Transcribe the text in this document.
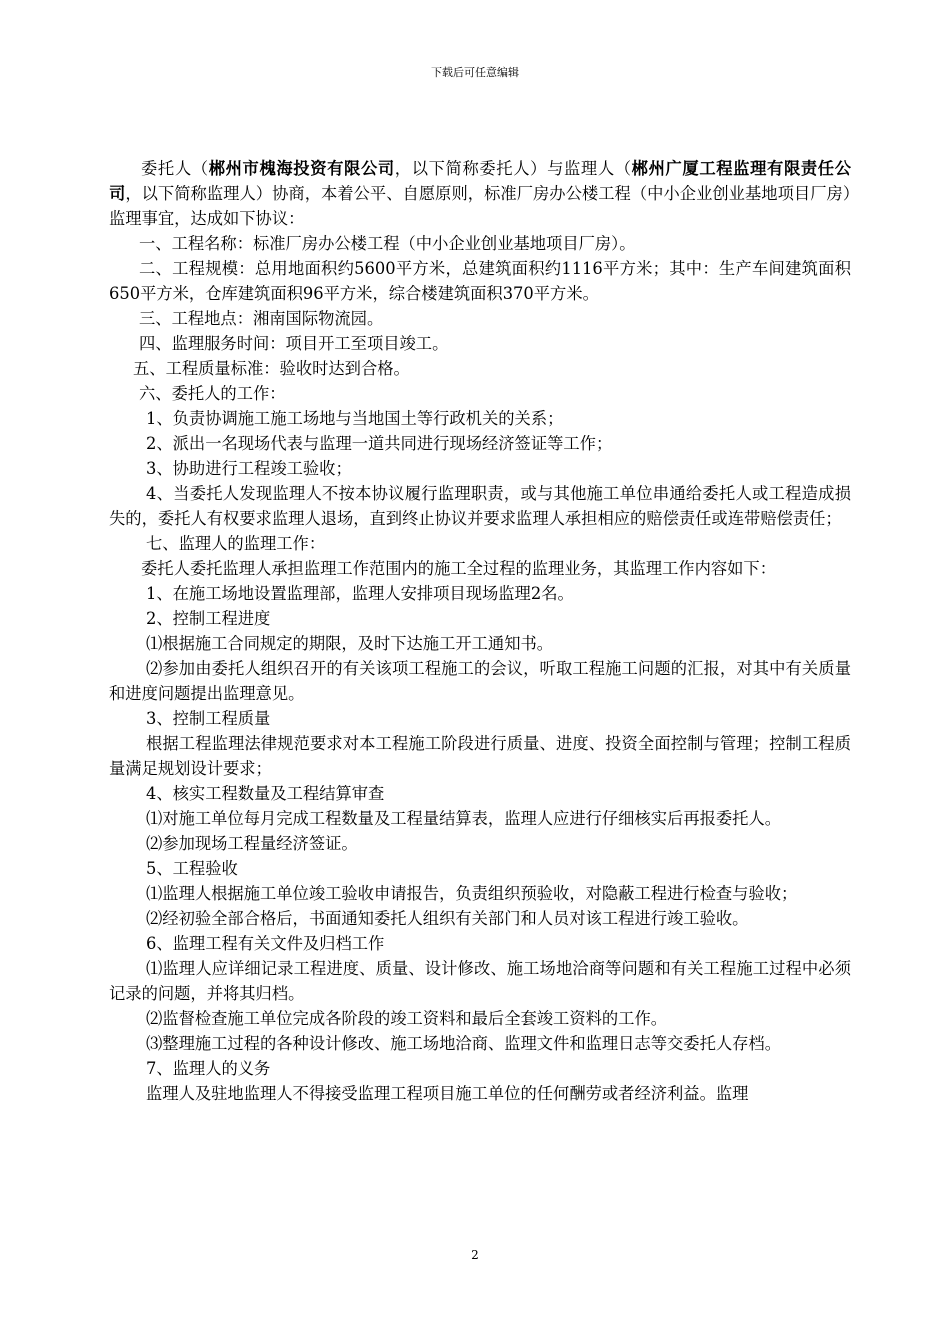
下载后可任意编辑

委托人（郴州市槐海投资有限公司，以下简称委托人）与监理人（郴州广厦工程监理有限责任公司，以下简称监理人）协商，本着公平、自愿原则，标准厂房办公楼工程（中小企业创业基地项目厂房）监理事宜，达成如下协议：

一、工程名称：标准厂房办公楼工程（中小企业创业基地项目厂房）。

二、工程规模：总用地面积约5600平方米，总建筑面积约1116平方米；其中：生产车间建筑面积650平方米，仓库建筑面积96平方米，综合楼建筑面积370平方米。

三、工程地点：湘南国际物流园。

四、监理服务时间：项目开工至项目竣工。

五、工程质量标准：验收时达到合格。

六、委托人的工作：

1、负责协调施工施工场地与当地国土等行政机关的关系；

2、派出一名现场代表与监理一道共同进行现场经济签证等工作；

3、协助进行工程竣工验收；

4、当委托人发现监理人不按本协议履行监理职责，或与其他施工单位串通给委托人或工程造成损失的，委托人有权要求监理人退场，直到终止协议并要求监理人承担相应的赔偿责任或连带赔偿责任；

七、监理人的监理工作：

委托人委托监理人承担监理工作范围内的施工全过程的监理业务，其监理工作内容如下：

1、在施工场地设置监理部，监理人安排项目现场监理2名。

2、控制工程进度

⑴根据施工合同规定的期限，及时下达施工开工通知书。

⑵参加由委托人组织召开的有关该项工程施工的会议，听取工程施工问题的汇报，对其中有关质量和进度问题提出监理意见。

3、控制工程质量

根据工程监理法律规范要求对本工程施工阶段进行质量、进度、投资全面控制与管理；控制工程质量满足规划设计要求；

4、核实工程数量及工程结算审查

⑴对施工单位每月完成工程数量及工程量结算表，监理人应进行仔细核实后再报委托人。

⑵参加现场工程量经济签证。

5、工程验收

⑴监理人根据施工单位竣工验收申请报告，负责组织预验收，对隐蔽工程进行检查与验收；

⑵经初验全部合格后，书面通知委托人组织有关部门和人员对该工程进行竣工验收。

6、监理工程有关文件及归档工作

⑴监理人应详细记录工程进度、质量、设计修改、施工场地洽商等问题和有关工程施工过程中必须记录的问题，并将其归档。

⑵监督检查施工单位完成各阶段的竣工资料和最后全套竣工资料的工作。

⑶整理施工过程的各种设计修改、施工场地洽商、监理文件和监理日志等交委托人存档。

7、监理人的义务

监理人及驻地监理人不得接受监理工程项目施工单位的任何酬劳或者经济利益。监理

2
